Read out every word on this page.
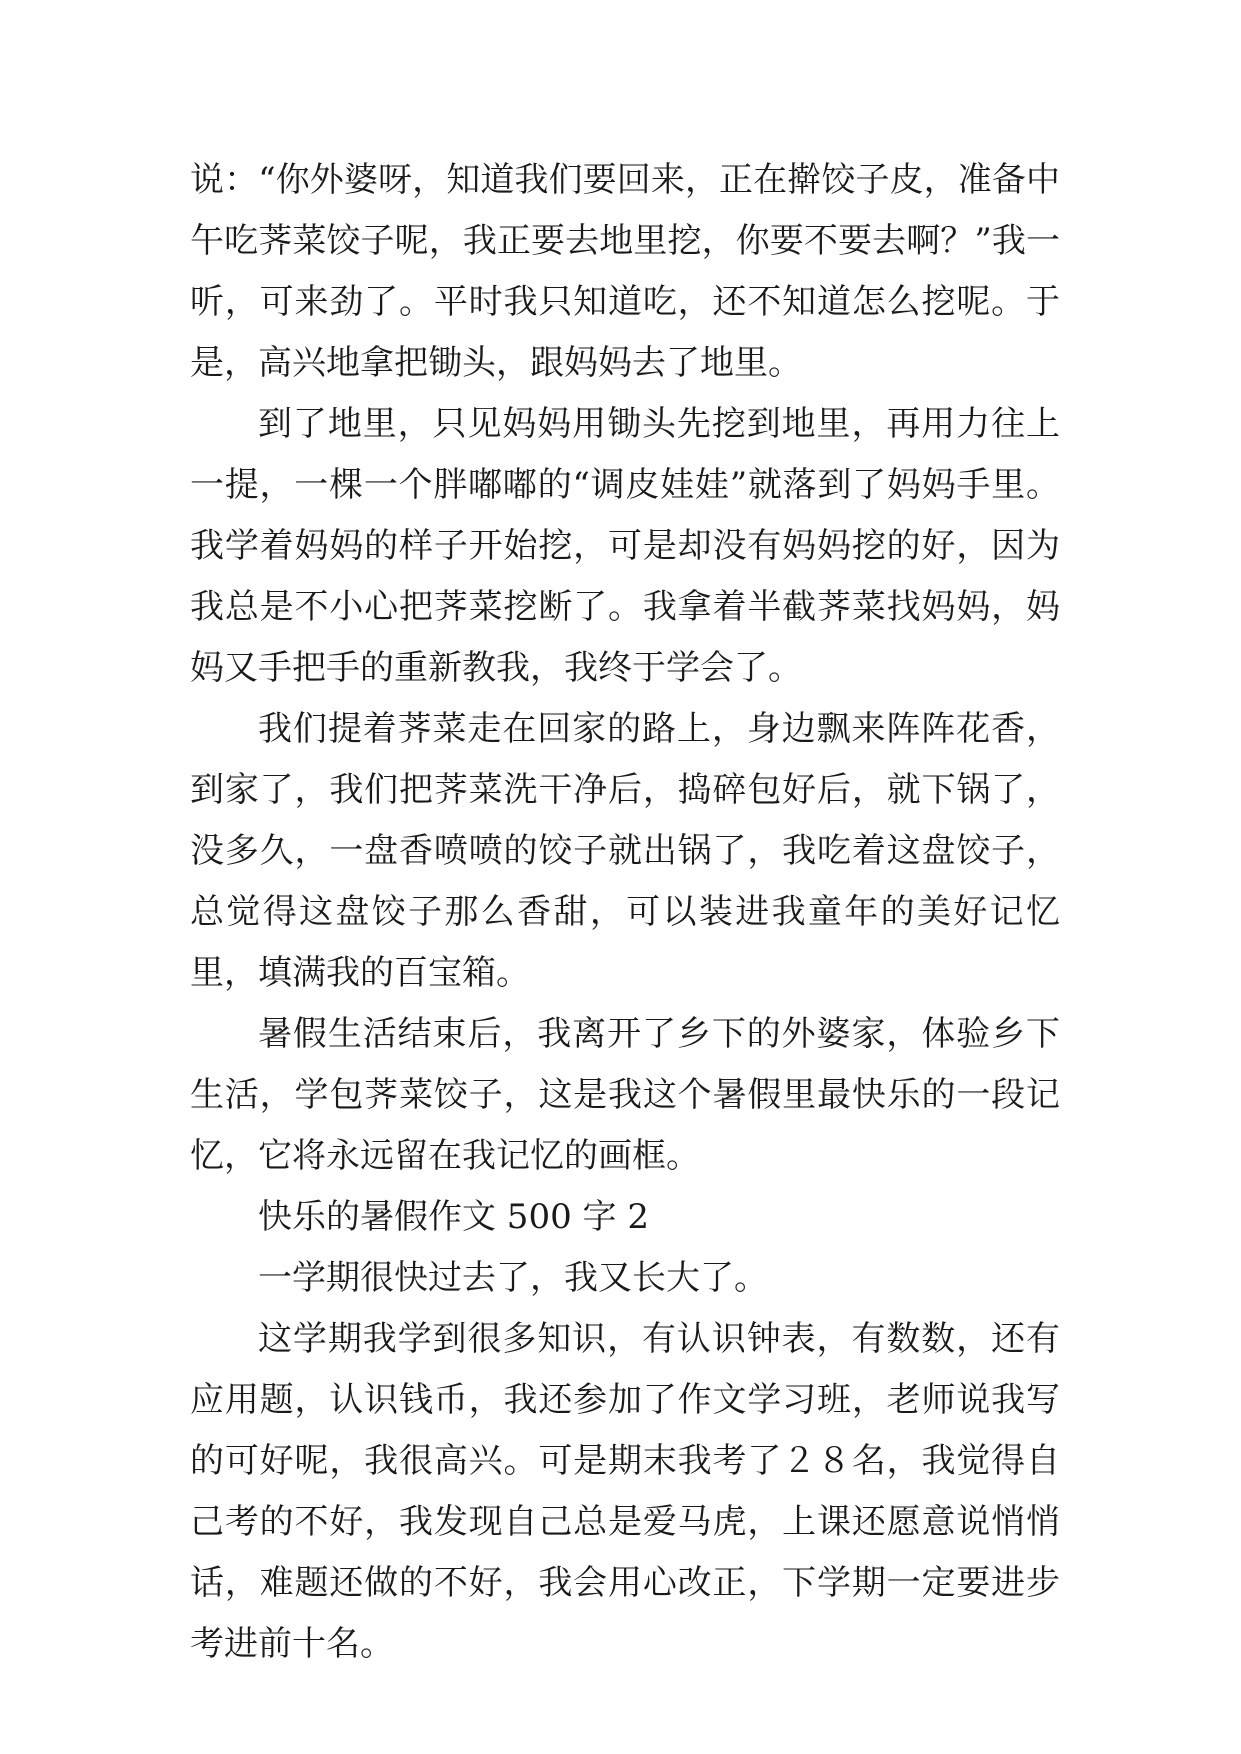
说：“你外婆呀，知道我们要回来，正在擀饺子皮，准备中午吃荠菜饺子呢，我正要去地里挖，你要不要去啊？”我一听，可来劲了。平时我只知道吃，还不知道怎么挖呢。于是，高兴地拿把锄头，跟妈妈去了地里。

到了地里，只见妈妈用锄头先挖到地里，再用力往上一提，一棵一个胖嘟嘟的“调皮娃娃”就落到了妈妈手里。我学着妈妈的样子开始挖，可是却没有妈妈挖的好，因为我总是不小心把荠菜挖断了。我拿着半截荠菜找妈妈，妈妈又手把手的重新教我，我终于学会了。

我们提着荠菜走在回家的路上，身边飘来阵阵花香，到家了，我们把荠菜洗干净后，捣碎包好后，就下锅了，没多久，一盘香喷喷的饺子就出锅了，我吃着这盘饺子，总觉得这盘饺子那么香甜，可以装进我童年的美好记忆里，填满我的百宝箱。

暑假生活结束后，我离开了乡下的外婆家，体验乡下生活，学包荠菜饺子，这是我这个暑假里最快乐的一段记忆，它将永远留在我记忆的画框。

快乐的暑假作文 500 字 2

一学期很快过去了，我又长大了。

这学期我学到很多知识，有认识钟表，有数数，还有应用题，认识钱币，我还参加了作文学习班，老师说我写的可好呢，我很高兴。可是期末我考了２８名，我觉得自己考的不好，我发现自己总是爱马虎，上课还愿意说悄悄话，难题还做的不好，我会用心改正，下学期一定要进步考进前十名。
